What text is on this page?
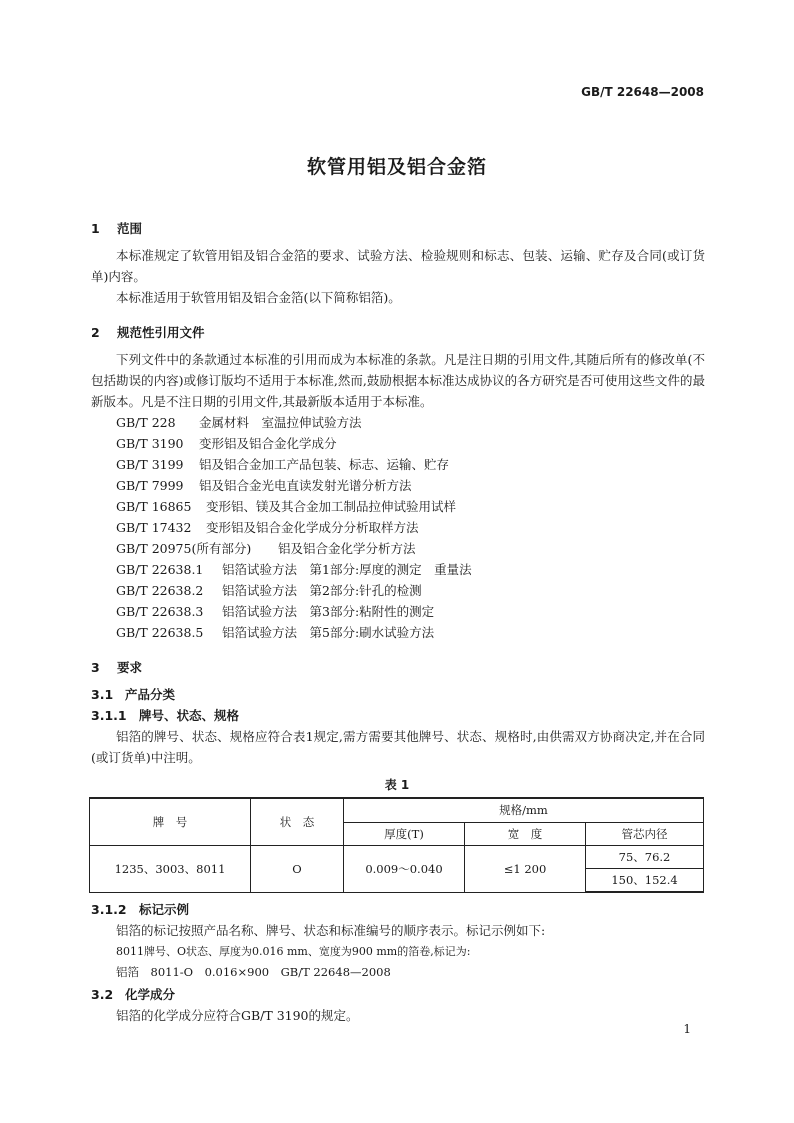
GB/T 22648—2008
软管用铝及铝合金箔
1 范围
本标准规定了软管用铝及铝合金箔的要求、试验方法、检验规则和标志、包装、运输、贮存及合同(或订货单)内容。
本标准适用于软管用铝及铝合金箔(以下简称铝箔)。
2 规范性引用文件
下列文件中的条款通过本标准的引用而成为本标准的条款。凡是注日期的引用文件,其随后所有的修改单(不包括勘误的内容)或修订版均不适用于本标准,然而,鼓励根据本标准达成协议的各方研究是否可使用这些文件的最新版本。凡是不注日期的引用文件,其最新版本适用于本标准。
GB/T 228 金属材料　室温拉伸试验方法
GB/T 3190 变形铝及铝合金化学成分
GB/T 3199 铝及铝合金加工产品包装、标志、运输、贮存
GB/T 7999 铝及铝合金光电直读发射光谱分析方法
GB/T 16865 变形铝、镁及其合金加工制品拉伸试验用试样
GB/T 17432 变形铝及铝合金化学成分分析取样方法
GB/T 20975(所有部分) 铝及铝合金化学分析方法
GB/T 22638.1 铝箔试验方法　第1部分:厚度的测定　重量法
GB/T 22638.2 铝箔试验方法　第2部分:针孔的检测
GB/T 22638.3 铝箔试验方法　第3部分:粘附性的测定
GB/T 22638.5 铝箔试验方法　第5部分:刷水试验方法
3 要求
3.1 产品分类
3.1.1 牌号、状态、规格
铝箔的牌号、状态、规格应符合表1规定,需方需要其他牌号、状态、规格时,由供需双方协商决定,并在合同(或订货单)中注明。
表 1
牌　号	状　态	规格/mm		
		厚度(T)	宽　度	管芯内径
1235、3003、8011	O	0.009～0.040	≤1 200	75、76.2
				150、152.4
3.1.2 标记示例
铝箔的标记按照产品名称、牌号、状态和标准编号的顺序表示。标记示例如下:
8011牌号、O状态、厚度为0.016 mm、宽度为900 mm的箔卷,标记为:
铝箔　8011-O　0.016×900　GB/T 22648—2008
3.2 化学成分
铝箔的化学成分应符合GB/T 3190的规定。
1
